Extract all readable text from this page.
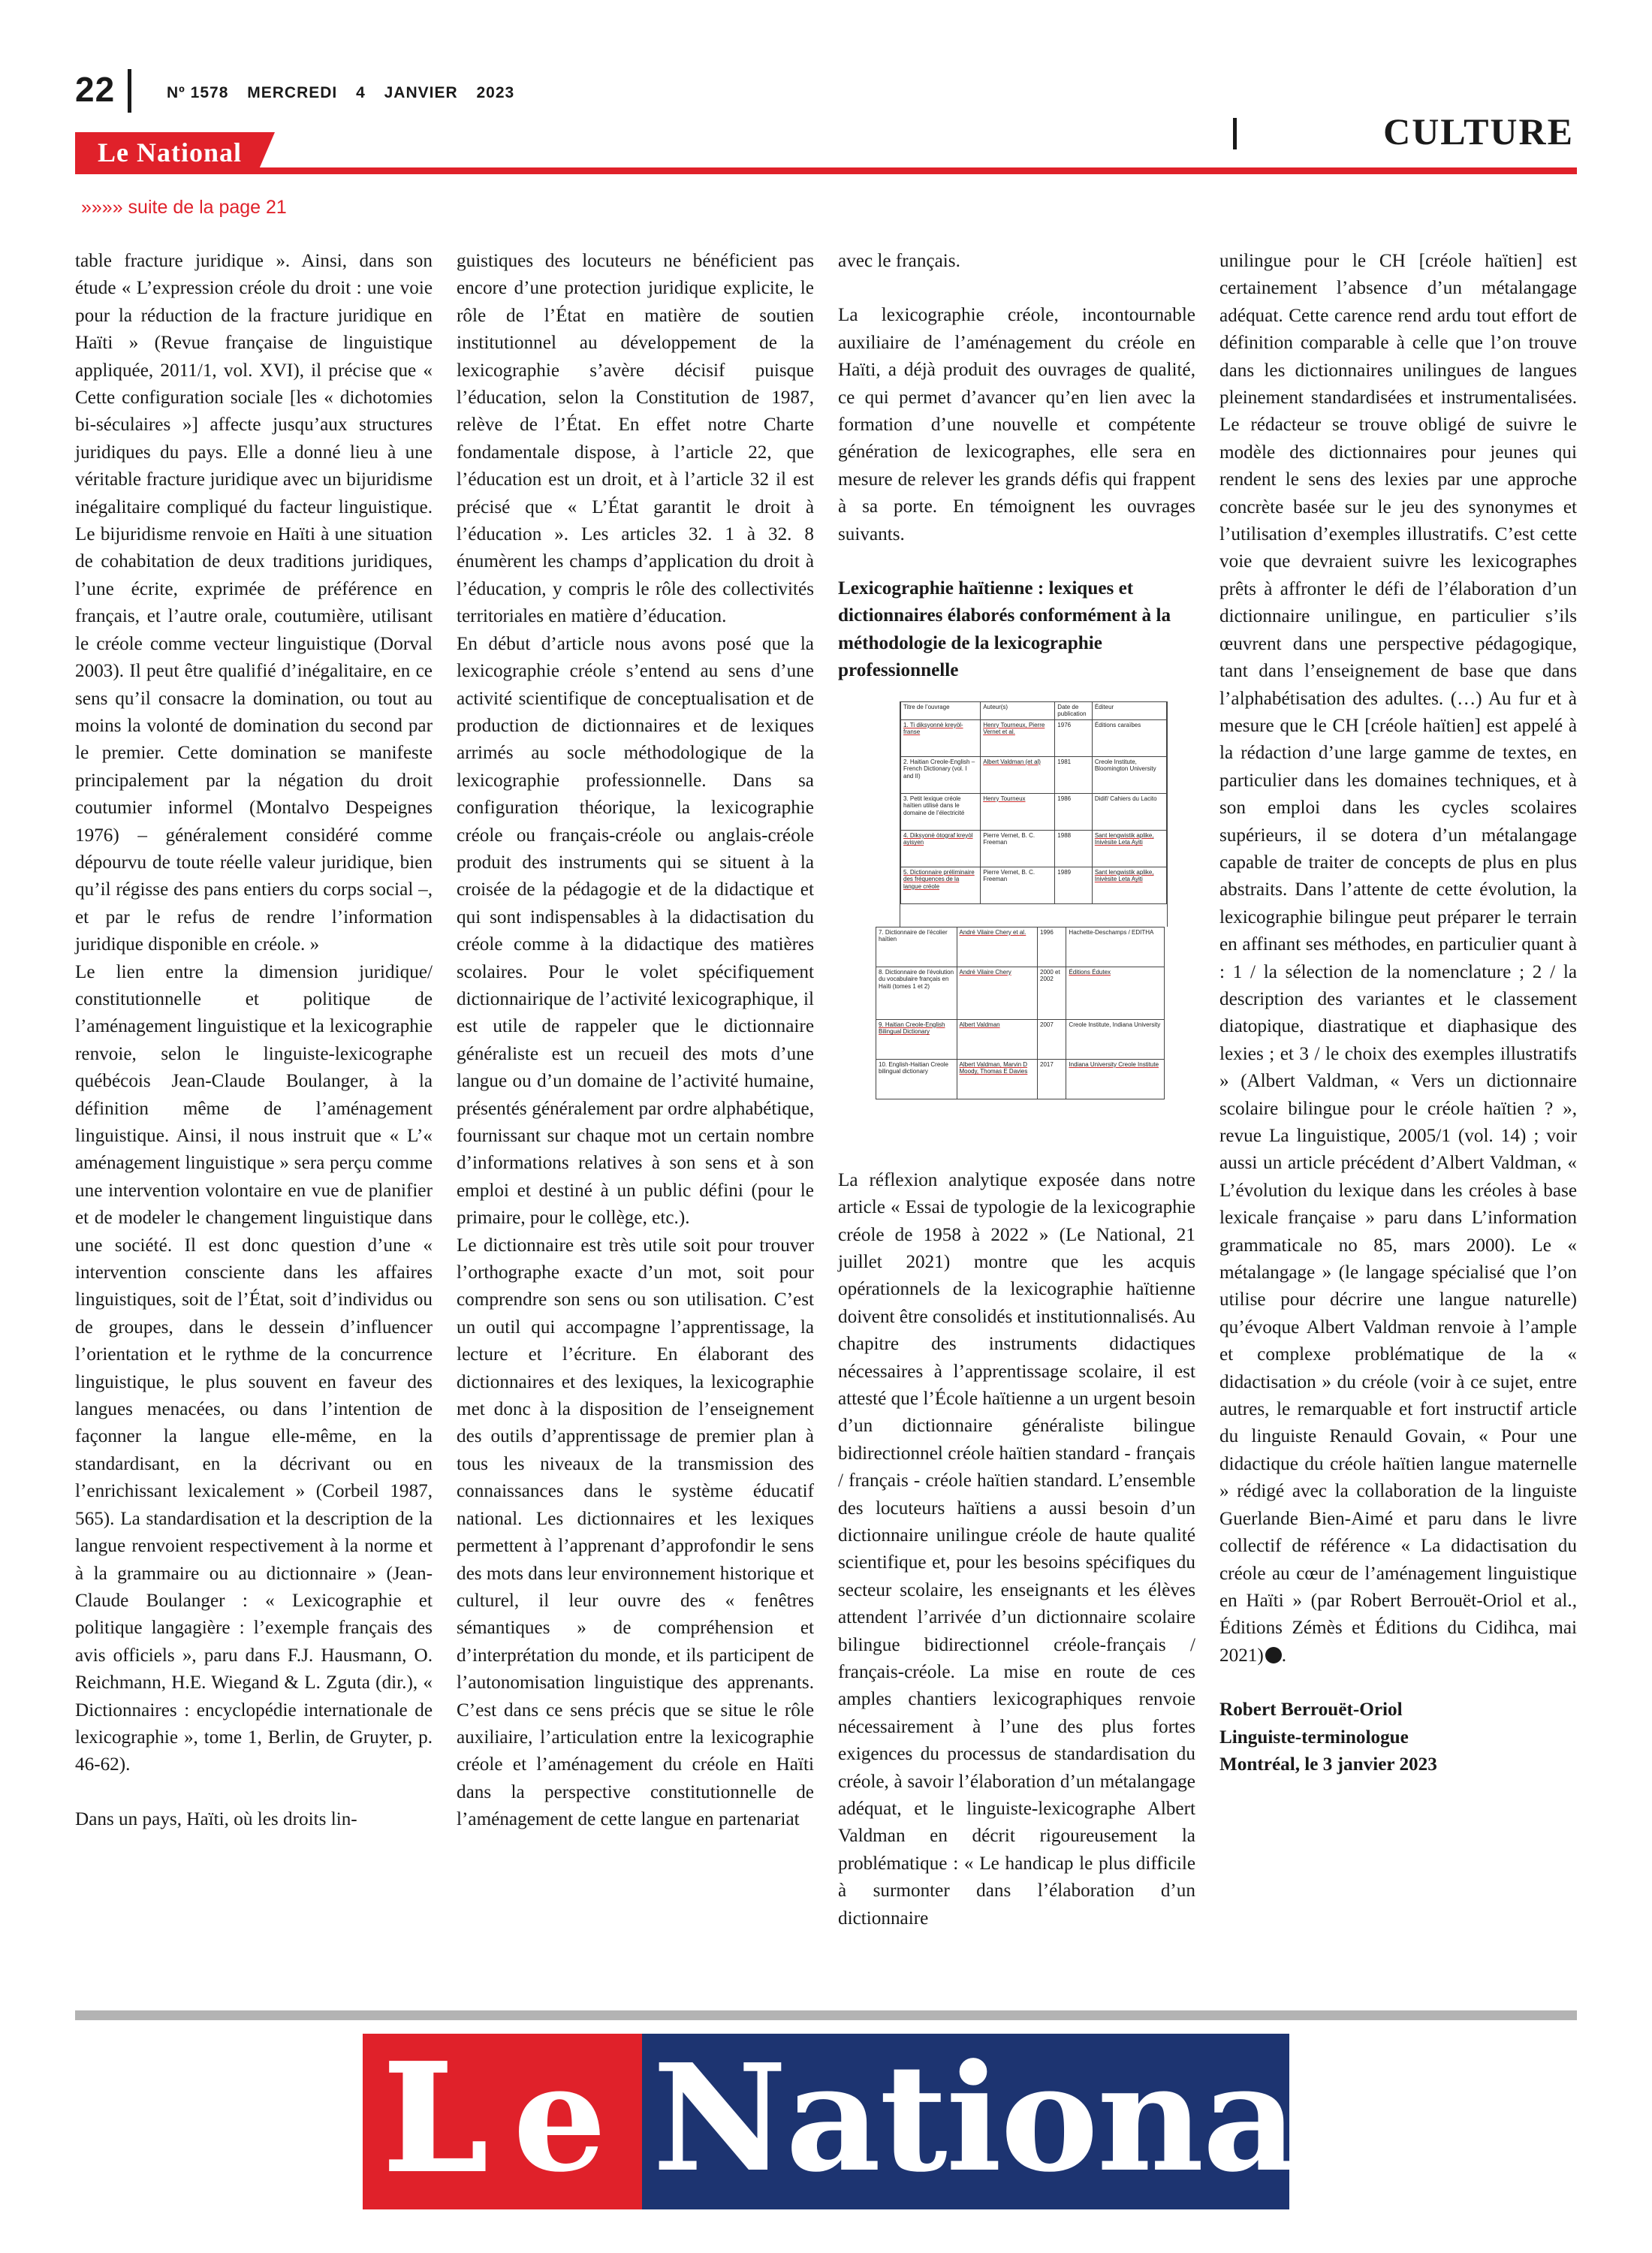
22	Nº 1578 MERCREDI 4 JANVIER 2023
CULTURE
Le National
»»»» suite de la page 21

table fracture juridique ». Ainsi, dans son étude « L’expression créole du droit : une voie pour la réduction de la fracture juridique en Haïti » (Revue française de linguistique appliquée, 2011/1, vol. XVI), il précise que « Cette configuration sociale [les « dichotomies bi-séculaires »] affecte jusqu’aux structures juridiques du pays. Elle a donné lieu à une véritable fracture juridique avec un bijuridisme inégalitaire compliqué du facteur linguistique. Le bijuridisme renvoie en Haïti à une situation de cohabitation de deux traditions juridiques, l’une écrite, exprimée de préférence en français, et l’autre orale, coutumière, utilisant le créole comme vecteur linguistique (Dorval 2003). Il peut être qualifié d’inégalitaire, en ce sens qu’il consacre la domination, ou tout au moins la volonté de domination du second par le premier. Cette domination se manifeste principalement par la négation du droit coutumier informel (Montalvo Despeignes 1976) – généralement considéré comme dépourvu de toute réelle valeur juridique, bien qu’il régisse des pans entiers du corps social –, et par le refus de rendre l’information juridique disponible en créole. »

Le lien entre la dimension juridique/ constitutionnelle et politique de l’aménagement linguistique et la lexicographie renvoie, selon le linguiste-lexicographe québécois Jean-Claude Boulanger, à la définition même de l’aménagement linguistique. Ainsi, il nous instruit que « L’« aménagement linguistique » sera perçu comme une intervention volontaire en vue de planifier et de modeler le changement linguistique dans une société. Il est donc question d’une « intervention consciente dans les affaires linguistiques, soit de l’État, soit d’individus ou de groupes, dans le dessein d’influencer l’orientation et le rythme de la concurrence linguistique, le plus souvent en faveur des langues menacées, ou dans l’intention de façonner la langue elle-même, en la standardisant, en la décrivant ou en l’enrichissant lexicalement » (Corbeil 1987, 565). La standardisation et la description de la langue renvoient respectivement à la norme et à la grammaire ou au dictionnaire » (Jean-Claude Boulanger : « Lexicographie et politique langagière : l’exemple français des avis officiels », paru dans F.J. Hausmann, O. Reichmann, H.E. Wiegand & L. Zguta (dir.), « Dictionnaires : encyclopédie internationale de lexicographie », tome 1, Berlin, de Gruyter, p. 46-62).

Dans un pays, Haïti, où les droits lin-

guistiques des locuteurs ne bénéficient pas encore d’une protection juridique explicite, le rôle de l’État en matière de soutien institutionnel au développement de la lexicographie s’avère décisif puisque l’éducation, selon la Constitution de 1987, relève de l’État. En effet notre Charte fondamentale dispose, à l’article 22, que l’éducation est un droit, et à l’article 32 il est précisé que « L’État garantit le droit à l’éducation ». Les articles 32. 1 à 32. 8 énumèrent les champs d’application du droit à l’éducation, y compris le rôle des collectivités territoriales en matière d’éducation.

En début d’article nous avons posé que la lexicographie créole s’entend au sens d’une activité scientifique de conceptualisation et de production de dictionnaires et de lexiques arrimés au socle méthodologique de la lexicographie professionnelle. Dans sa configuration théorique, la lexicographie créole ou français-créole ou anglais-créole produit des instruments qui se situent à la croisée de la pédagogie et de la didactique et qui sont indispensables à la didactisation du créole comme à la didactique des matières scolaires. Pour le volet spécifiquement dictionnairique de l’activité lexicographique, il est utile de rappeler que le dictionnaire généraliste est un recueil des mots d’une langue ou d’un domaine de l’activité humaine, présentés généralement par ordre alphabétique, fournissant sur chaque mot un certain nombre d’informations relatives à son sens et à son emploi et destiné à un public défini (pour le primaire, pour le collège, etc.).

Le dictionnaire est très utile soit pour trouver l’orthographe exacte d’un mot, soit pour comprendre son sens ou son utilisation. C’est un outil qui accompagne l’apprentissage, la lecture et l’écriture. En élaborant des dictionnaires et des lexiques, la lexicographie met donc à la disposition de l’enseignement des outils d’apprentissage de premier plan à tous les niveaux de la transmission des connaissances dans le système éducatif national. Les dictionnaires et les lexiques permettent à l’apprenant d’approfondir le sens des mots dans leur environnement historique et culturel, il leur ouvre des « fenêtres sémantiques » de compréhension et d’interprétation du monde, et ils participent de l’autonomisation linguistique des apprenants. C’est dans ce sens précis que se situe le rôle auxiliaire, l’articulation entre la lexicographie créole et l’aménagement du créole en Haïti dans la perspective constitutionnelle de l’aménagement de cette langue en partenariat

avec le français.

La lexicographie créole, incontournable auxiliaire de l’aménagement du créole en Haïti, a déjà produit des ouvrages de qualité, ce qui permet d’avancer qu’en lien avec la formation d’une nouvelle et compétente génération de lexicographes, elle sera en mesure de relever les grands défis qui frappent à sa porte. En témoignent les ouvrages suivants.

Lexicographie haïtienne : lexiques et dictionnaires élaborés conformément à la méthodologie de la lexicographie professionnelle

Titre de l’ouvrage	Auteur(s)	Date de publication	Éditeur
1. Ti diksyonnè kreyòl-franse	Henry Tourneux, Pierre Vernet et al.	1976	Éditions caraïbes
2. Haitian Creole-English – French Dictionary (vol. I and II)	Albert Valdman (et al)	1981	Creole Institute, Bloomington University
3. Petit lexique créole haïtien utilisé dans le domaine de l’électricité	Henry Tourneux	1986	Didif/ Cahiers du Lacito
4. Diksyonè òtograf kreyòl ayisyen	Pierre Vernet, B. C. Freeman	1988	Sant lengwistik aplike, Inivèsite Leta Ayiti
5. Dictionnaire préliminaire des fréquences de la langue créole	Pierre Vernet, B. C. Freeman	1989	Sant lengwistik aplike, Inivèsite Leta Ayiti
7. Dictionnaire de l’écolier haïtien	André Vilaire Chery et al.	1996	Hachette-Deschamps / EDITHA
8. Dictionnaire de l’évolution du vocabulaire français en Haïti (tomes 1 et 2)	André Vilaire Chery	2000 et 2002	Éditions Édutex
9. Haitian Creole-English Bilingual Dictionary	Albert Valdman	2007	Creole Institute, Indiana University
10. English-Haitian Creole bilingual dictionary	Albert Valdman, Marvin D Moody, Thomas E Davies	2017	Indiana University Creole Institute

La réflexion analytique exposée dans notre article « Essai de typologie de la lexicographie créole de 1958 à 2022 » (Le National, 21 juillet 2021) montre que les acquis opérationnels de la lexicographie haïtienne doivent être consolidés et institutionnalisés. Au chapitre des instruments didactiques nécessaires à l’apprentissage scolaire, il est attesté que l’École haïtienne a un urgent besoin d’un dictionnaire généraliste bilingue bidirectionnel créole haïtien standard - français / français - créole haïtien standard. L’ensemble des locuteurs haïtiens a aussi besoin d’un dictionnaire unilingue créole de haute qualité scientifique et, pour les besoins spécifiques du secteur scolaire, les enseignants et les élèves attendent l’arrivée d’un dictionnaire scolaire bilingue bidirectionnel créole-français / français-créole. La mise en route de ces amples chantiers lexicographiques renvoie nécessairement à l’une des plus fortes exigences du processus de standardisation du créole, à savoir l’élaboration d’un métalangage adéquat, et le linguiste-lexicographe Albert Valdman en décrit rigoureusement la problématique : « Le handicap le plus difficile à surmonter dans l’élaboration d’un dictionnaire

unilingue pour le CH [créole haïtien] est certainement l’absence d’un métalangage adéquat. Cette carence rend ardu tout effort de définition comparable à celle que l’on trouve dans les dictionnaires unilingues de langues pleinement standardisées et instrumentalisées. Le rédacteur se trouve obligé de suivre le modèle des dictionnaires pour jeunes qui rendent le sens des lexies par une approche concrète basée sur le jeu des synonymes et l’utilisation d’exemples illustratifs. C’est cette voie que devraient suivre les lexicographes prêts à affronter le défi de l’élaboration d’un dictionnaire unilingue, en particulier s’ils œuvrent dans une perspective pédagogique, tant dans l’enseignement de base que dans l’alphabétisation des adultes. (…) Au fur et à mesure que le CH [créole haïtien] est appelé à la rédaction d’une large gamme de textes, en particulier dans les domaines techniques, et à son emploi dans les cycles scolaires supérieurs, il se dotera d’un métalangage capable de traiter de concepts de plus en plus abstraits. Dans l’attente de cette évolution, la lexicographie bilingue peut préparer le terrain en affinant ses méthodes, en particulier quant à : 1 / la sélection de la nomenclature ; 2 / la description des variantes et le classement diatopique, diastratique et diaphasique des lexies ; et 3 / le choix des exemples illustratifs » (Albert Valdman, « Vers un dictionnaire scolaire bilingue pour le créole haïtien ? », revue La linguistique, 2005/1 (vol. 14) ; voir aussi un article précédent d’Albert Valdman, « L’évolution du lexique dans les créoles à base lexicale française » paru dans L’information grammaticale no 85, mars 2000). Le « métalangage » (le langage spécialisé que l’on utilise pour décrire une langue naturelle) qu’évoque Albert Valdman renvoie à l’ample et complexe problématique de la « didactisation » du créole (voir à ce sujet, entre autres, le remarquable et fort instructif article du linguiste Renauld Govain, « Pour une didactique du créole haïtien langue maternelle » rédigé avec la collaboration de la linguiste Guerlande Bien-Aimé et paru dans le livre collectif de référence « La didactisation du créole au cœur de l’aménagement linguistique en Haïti » (par Robert Berrouët-Oriol et al., Éditions Zémès et Éditions du Cidihca, mai 2021) .

Robert Berrouët-Oriol
Linguiste-terminologue
Montréal, le 3 janvier 2023

L e National
